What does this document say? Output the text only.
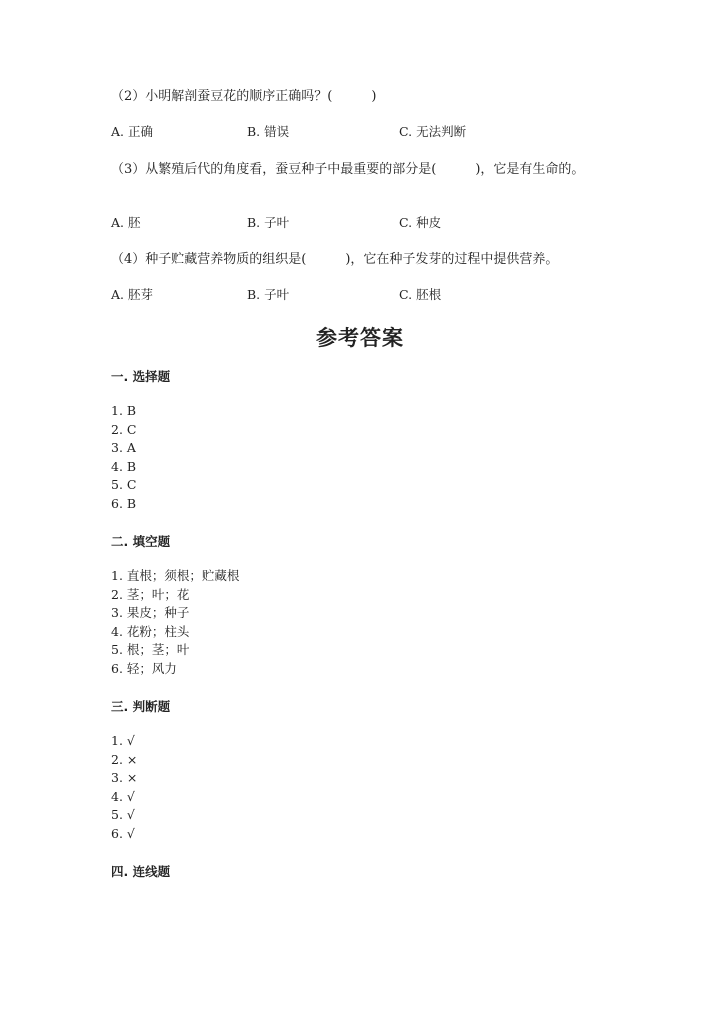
（2）小明解剖蚕豆花的顺序正确吗？(　　　)

A. 正确	B. 错误	C. 无法判断

（3）从繁殖后代的角度看，蚕豆种子中最重要的部分是(　　　)，它是有生命的。

A. 胚	B. 子叶	C. 种皮

（4）种子贮藏营养物质的组织是(　　　)，它在种子发芽的过程中提供营养。

A. 胚芽	B. 子叶	C. 胚根
参考答案
一. 选择题
1. B
2. C
3. A
4. B
5. C
6. B
二. 填空题
1. 直根；须根；贮藏根
2. 茎；叶；花
3. 果皮；种子
4. 花粉；柱头
5. 根；茎；叶
6. 轻；风力
三. 判断题
1. √
2. ×
3. ×
4. √
5. √
6. √
四. 连线题
